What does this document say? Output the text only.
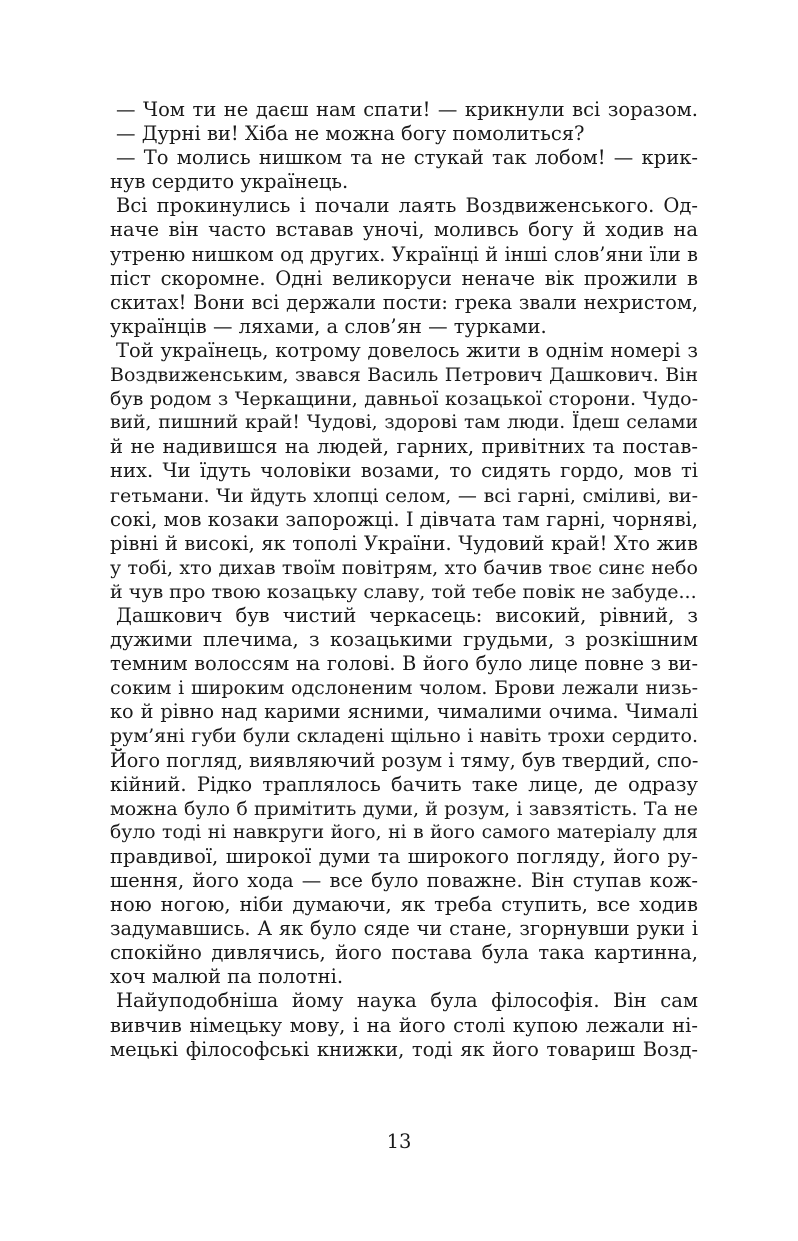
— Чом ти не даєш нам спати! — крикнули всі зоразом.
— Дурні ви! Хіба не можна богу помолиться?
— То молись нишком та не стукай так лобом! — крик-
нув сердито українець.
Всі прокинулись і почали лаять Воздвиженського. Од-
наче він часто вставав уночі, моливсь богу й ходив на
утреню нишком од других. Українці й інші слов’яни їли в
піст скоромне. Одні великоруси неначе вік прожили в
скитах! Вони всі держали пости: грека звали нехристом,
українців — ляхами, а слов’ян — турками.
Той українець, котрому довелось жити в однім номері з
Воздвиженським, звався Василь Петрович Дашкович. Він
був родом з Черкащини, давньої козацької сторони. Чудо-
вий, пишний край! Чудові, здорові там люди. Їдеш селами
й не надивишся на людей, гарних, привітних та постав-
них. Чи їдуть чоловіки возами, то сидять гордо, мов ті
гетьмани. Чи йдуть хлопці селом, — всі гарні, сміливі, ви-
сокі, мов козаки запорожці. І дівчата там гарні, чорняві,
рівні й високі, як тополі України. Чудовий край! Хто жив
у тобі, хто дихав твоїм повітрям, хто бачив твоє синє небо
й чув про твою козацьку славу, той тебе повік не забуде...
Дашкович був чистий черкасець: високий, рівний, з
дужими плечима, з козацькими грудьми, з розкішним
темним волоссям на голові. В його було лице повне з ви-
соким і широким одслоненим чолом. Брови лежали низь-
ко й рівно над карими ясними, чималими очима. Чималі
рум’яні губи були складені щільно і навіть трохи сердито.
Його погляд, виявляючий розум і тяму, був твердий, спо-
кійний. Рідко траплялось бачить таке лице, де одразу
можна було б примітить думи, й розум, і завзятість. Та не
було тоді ні навкруги його, ні в його самого матеріалу для
правдивої, широкої думи та широкого погляду, його ру-
шення, його хода — все було поважне. Він ступав кож-
ною ногою, ніби думаючи, як треба ступить, все ходив
задумавшись. А як було сяде чи стане, згорнувши руки і
спокійно дивлячись, його постава була така картинна,
хоч малюй па полотні.
Найуподобніша йому наука була філософія. Він сам
вивчив німецьку мову, і на його столі купою лежали ні-
мецькі філософські книжки, тоді як його товариш Возд-
13
